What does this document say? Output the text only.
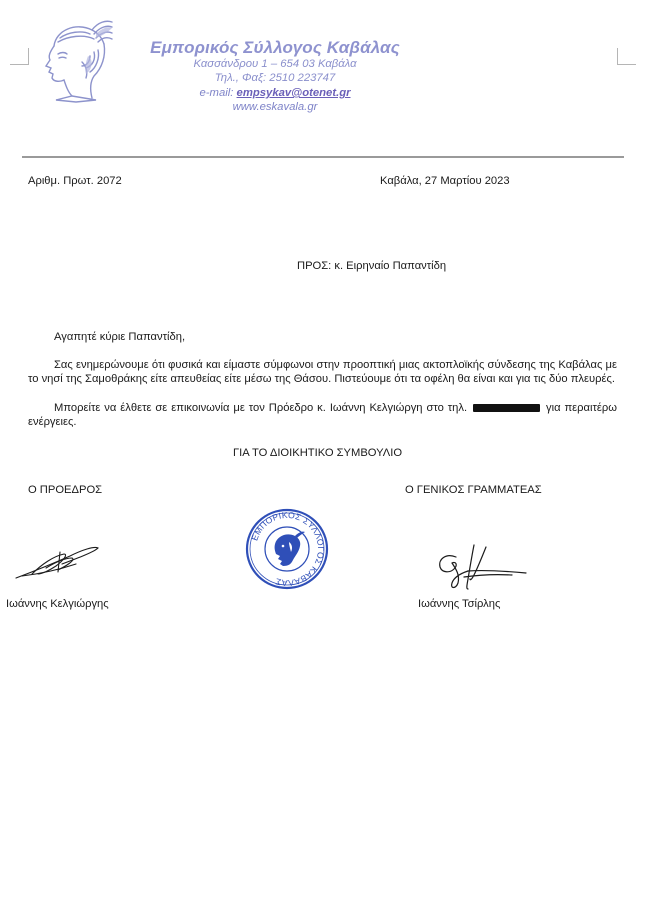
Εμπορικός Σύλλογος Καβάλας
Κασσάνδρου 1 – 654 03 Καβάλα
Τηλ., Φαξ: 2510 223747
e-mail: empsykav@otenet.gr
www.eskavala.gr
Αριθμ. Πρωτ. 2072	Καβάλα, 27 Μαρτίου 2023
ΠΡΟΣ: κ. Ειρηναίο Παπαντίδη
Αγαπητέ κύριε Παπαντίδη,
Σας ενημερώνουμε ότι φυσικά και είμαστε σύμφωνοι στην προοπτική μιας ακτοπλοϊκής σύνδεσης της Καβάλας με το νησί της Σαμοθράκης είτε απευθείας είτε μέσω της Θάσου. Πιστεύουμε ότι τα οφέλη θα είναι και για τις δύο πλευρές.
Μπορείτε να έλθετε σε επικοινωνία με τον Πρόεδρο κ. Ιωάννη Κελγιώργη στο τηλ.	για περαιτέρω ενέργειες.
ΓΙΑ ΤΟ ΔΙΟΙΚΗΤΙΚΟ ΣΥΜΒΟΥΛΙΟ
Ο ΠΡΟΕΔΡΟΣ	Ο ΓΕΝΙΚΟΣ ΓΡΑΜΜΑΤΕΑΣ
ΕΜΠΟΡΙΚΟΣ ΣΥΛΛΟΓΟΣ ΚΑΒΑΛΑΣ
Ιωάννης Κελγιώργης	Ιωάννης Τσίρλης
